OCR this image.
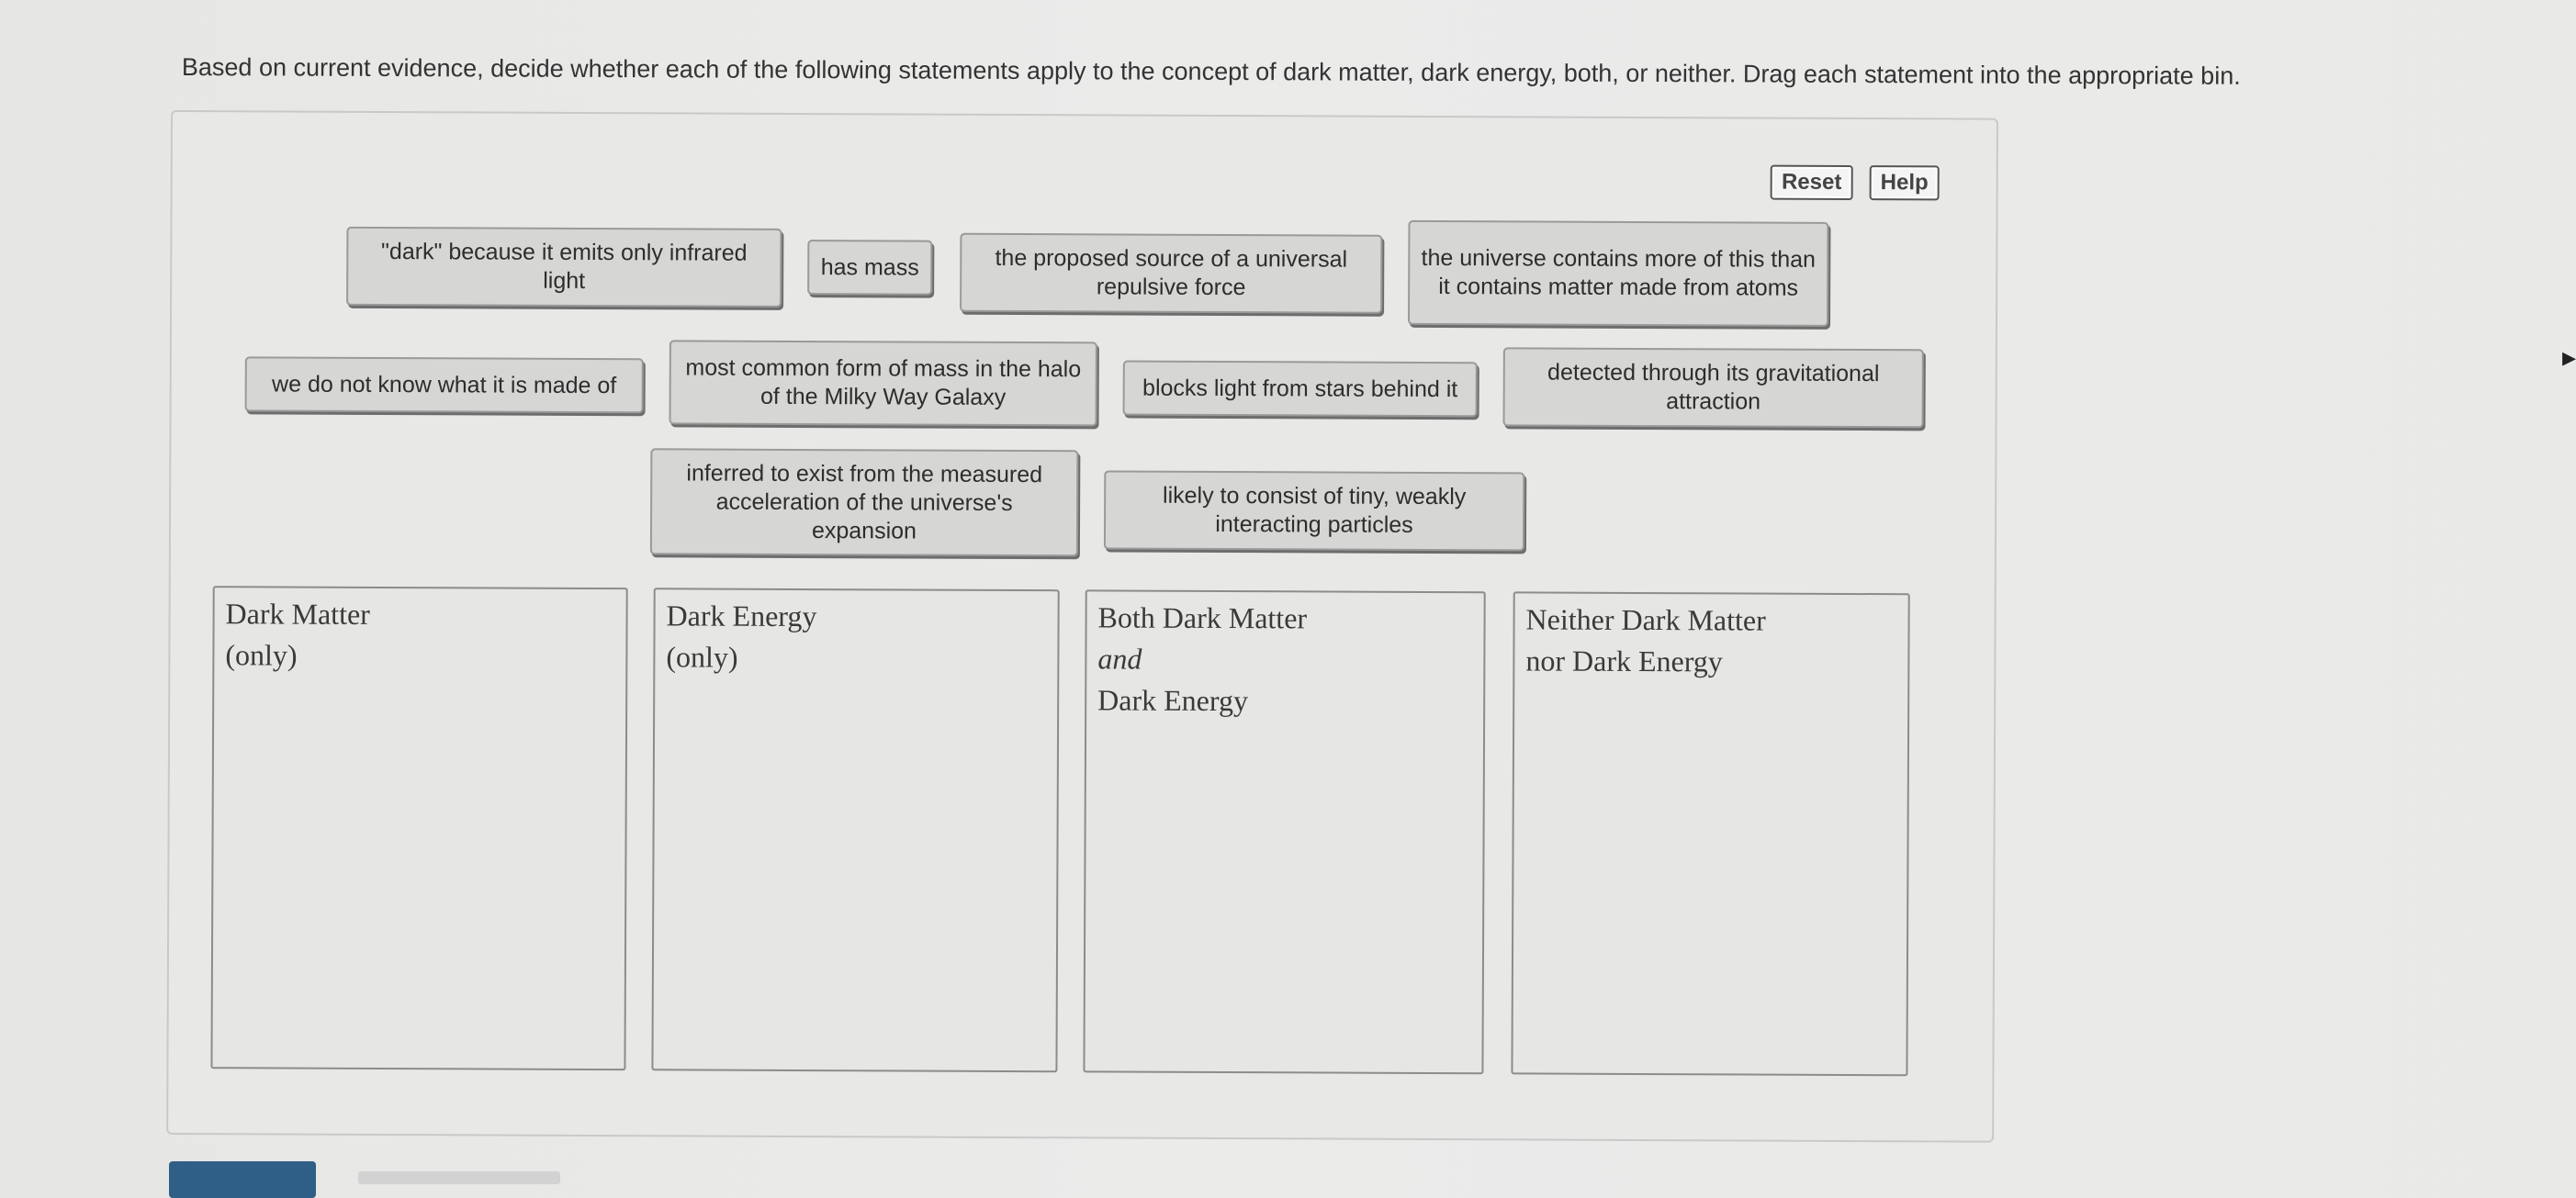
Based on current evidence, decide whether each of the following statements apply to the concept of dark matter, dark energy, both, or neither. Drag each statement into the appropriate bin.
Reset	Help
"dark" because it emits only infrared light
has mass	the proposed source of a universal repulsive force
the universe contains more of this than it contains matter made from atoms
we do not know what it is made of
most common form of mass in the halo of the Milky Way Galaxy	blocks light from stars behind it
detected through its gravitational attraction
inferred to exist from the measured acceleration of the universe's expansion
likely to consist of tiny, weakly interacting particles
Dark Matter
(only)
Dark Energy
(only)
Both Dark Matter
and
Dark Energy
Neither Dark Matter
nor Dark Energy
▸
